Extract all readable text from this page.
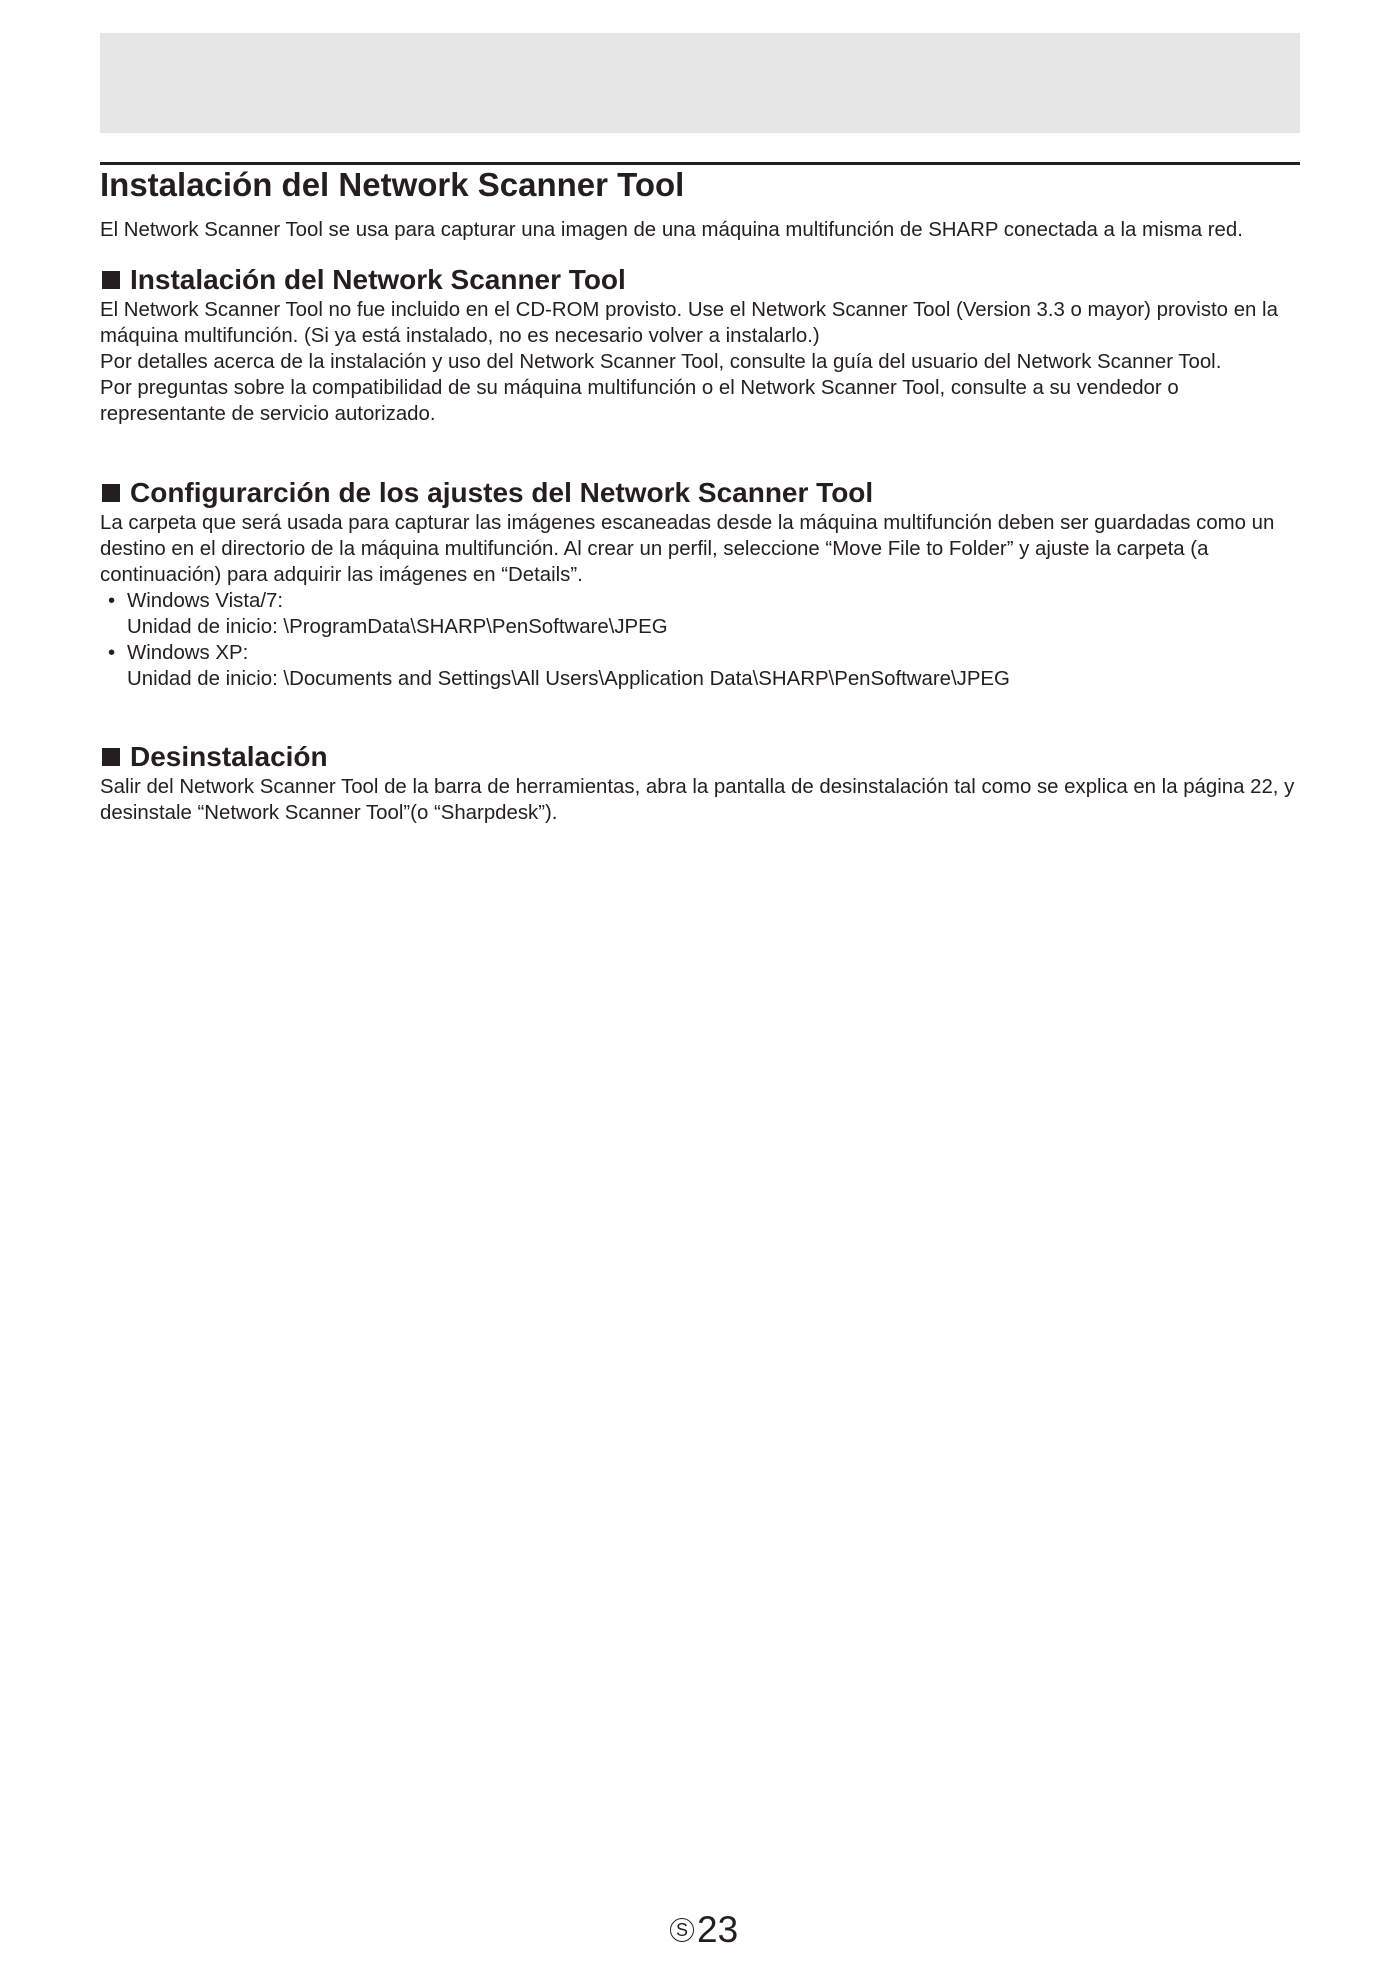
Instalación del Network Scanner Tool

El Network Scanner Tool se usa para capturar una imagen de una máquina multifunción de SHARP conectada a la misma red.

Instalación del Network Scanner Tool

El Network Scanner Tool no fue incluido en el CD-ROM provisto. Use el Network Scanner Tool (Version 3.3 o mayor) provisto en la máquina multifunción. (Si ya está instalado, no es necesario volver a instalarlo.)

Por detalles acerca de la instalación y uso del Network Scanner Tool, consulte la guía del usuario del Network Scanner Tool.

Por preguntas sobre la compatibilidad de su máquina multifunción o el Network Scanner Tool, consulte a su vendedor o representante de servicio autorizado.

Configurarción de los ajustes del Network Scanner Tool

La carpeta que será usada para capturar las imágenes escaneadas desde la máquina multifunción deben ser guardadas como un destino en el directorio de la máquina multifunción. Al crear un perfil, seleccione “Move File to Folder” y ajuste la carpeta (a continuación) para adquirir las imágenes en “Details”.

• Windows Vista/7:
Unidad de inicio: \ProgramData\SHARP\PenSoftware\JPEG
• Windows XP:
Unidad de inicio: \Documents and Settings\All Users\Application Data\SHARP\PenSoftware\JPEG
Desinstalación

Salir del Network Scanner Tool de la barra de herramientas, abra la pantalla de desinstalación tal como se explica en la página 22, y desinstale “Network Scanner Tool”(o “Sharpdesk”).

S 23
